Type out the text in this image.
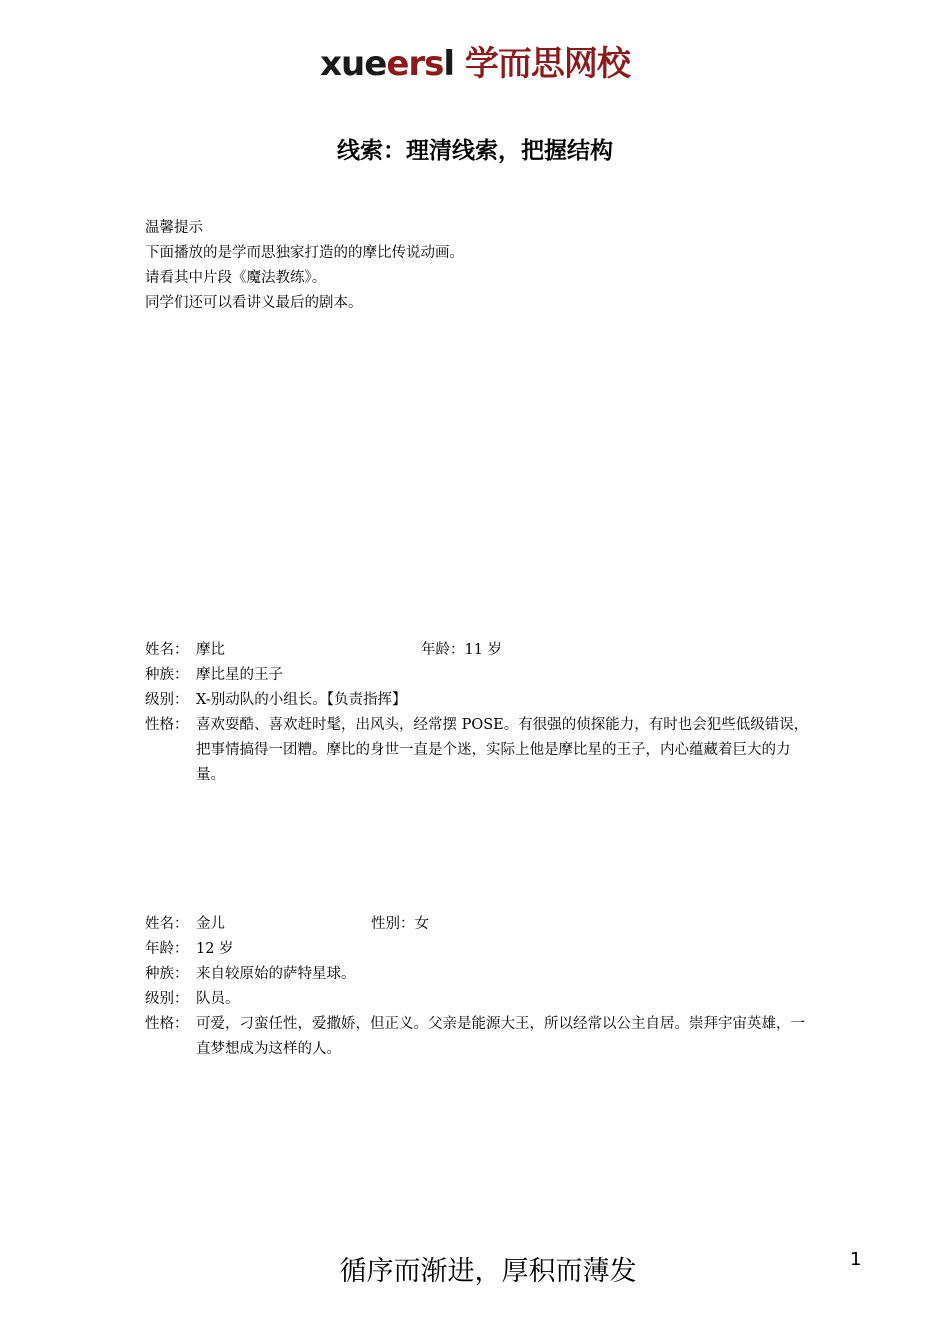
xueersl 学而思网校
线索：理清线索，把握结构
温馨提示
下面播放的是学而思独家打造的的摩比传说动画。
请看其中片段《魔法教练》。
同学们还可以看讲义最后的剧本。
姓名： 摩比	年龄：11 岁
种族： 摩比星的王子
级别： X-别动队的小组长。【负责指挥】
性格： 喜欢耍酷、喜欢赶时髦，出风头，经常摆 POSE。有很强的侦探能力，有时也会犯些低级错误，把事情搞得一团糟。摩比的身世一直是个迷，实际上他是摩比星的王子，内心蕴藏着巨大的力量。
姓名： 金儿	性别：女
年龄： 12 岁
种族： 来自较原始的萨特星球。
级别： 队员。
性格： 可爱，刁蛮任性，爱撒娇，但正义。父亲是能源大王，所以经常以公主自居。崇拜宇宙英雄，一直梦想成为这样的人。
循序而渐进，厚积而薄发	1
